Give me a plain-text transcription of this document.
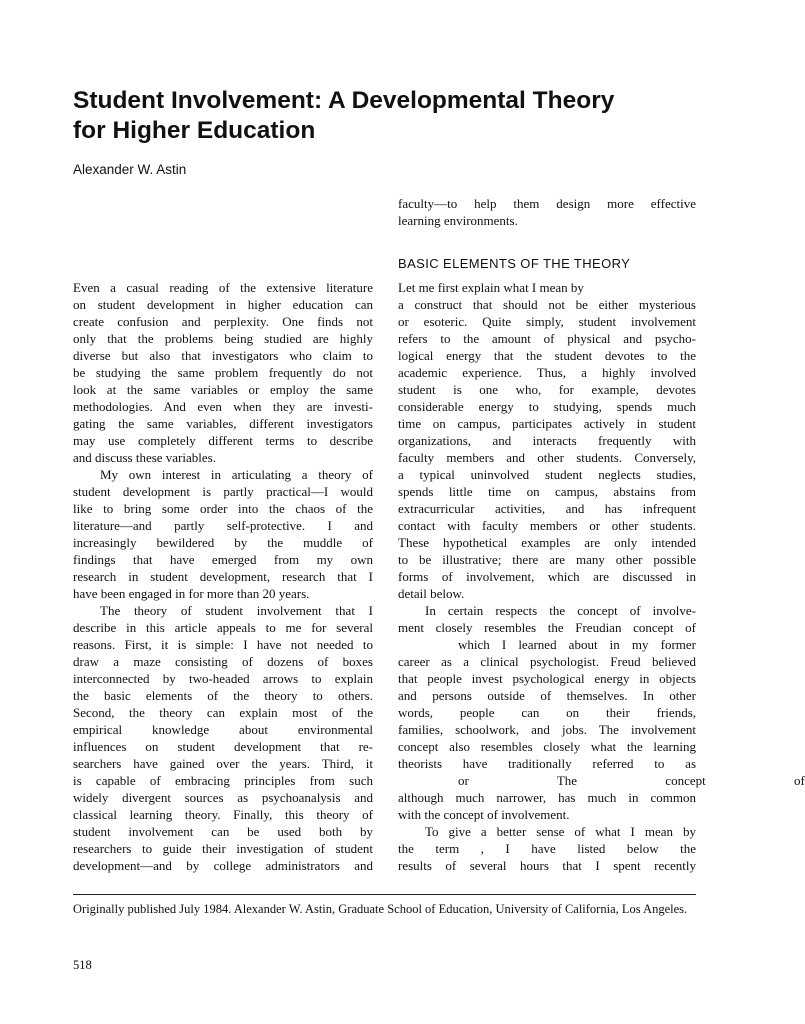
Student Involvement: A Developmental Theory
for Higher Education
Alexander W. Astin
faculty—to help them design more effective
learning environments.
BASIC ELEMENTS OF THE THEORY
Even a casual reading of the extensive literature
on student development in higher education can
create confusion and perplexity. One finds not
only that the problems being studied are highly
diverse but also that investigators who claim to
be studying the same problem frequently do not
look at the same variables or employ the same
methodologies. And even when they are investi-
gating the same variables, different investigators
may use completely different terms to describe
and discuss these variables.
My own interest in articulating a theory of
student development is partly practical—I would
like to bring some order into the chaos of the
literature—and partly self-protective. I and
increasingly bewildered by the muddle of
findings that have emerged from my own
research in student development, research that I
have been engaged in for more than 20 years.
The theory of student involvement that I
describe in this article appeals to me for several
reasons. First, it is simple: I have not needed to
draw a maze consisting of dozens of boxes
interconnected by two-headed arrows to explain
the basic elements of the theory to others.
Second, the theory can explain most of the
empirical knowledge about environmental
influences on student development that re-
searchers have gained over the years. Third, it
is capable of embracing principles from such
widely divergent sources as psychoanalysis and
classical learning theory. Finally, this theory of
student involvement can be used both by
researchers to guide their investigation of student
development—and by college administrators and
Let me first explain what I mean by
a construct that should not be either mysterious
or esoteric. Quite simply, student involvement
refers to the amount of physical and psycho-
logical energy that the student devotes to the
academic experience. Thus, a highly involved
student is one who, for example, devotes
considerable energy to studying, spends much
time on campus, participates actively in student
organizations, and interacts frequently with
faculty members and other students. Conversely,
a typical uninvolved student neglects studies,
spends little time on campus, abstains from
extracurricular activities, and has infrequent
contact with faculty members or other students.
These hypothetical examples are only intended
to be illustrative; there are many other possible
forms of involvement, which are discussed in
detail below.
In certain respects the concept of involve-
ment closely resembles the Freudian concept of
which I learned about in my former
career as a clinical psychologist. Freud believed
that people invest psychological energy in objects
and persons outside of themselves. In other
words, people can on their friends,
families, schoolwork, and jobs. The involvement
concept also resembles closely what the learning
theorists have traditionally referred to as
or The concept of
although much narrower, has much in common
with the concept of involvement.
To give a better sense of what I mean by
the term , I have listed below the
results of several hours that I spent recently
Originally published July 1984. Alexander W. Astin, Graduate School of Education, University of California, Los Angeles.
518
